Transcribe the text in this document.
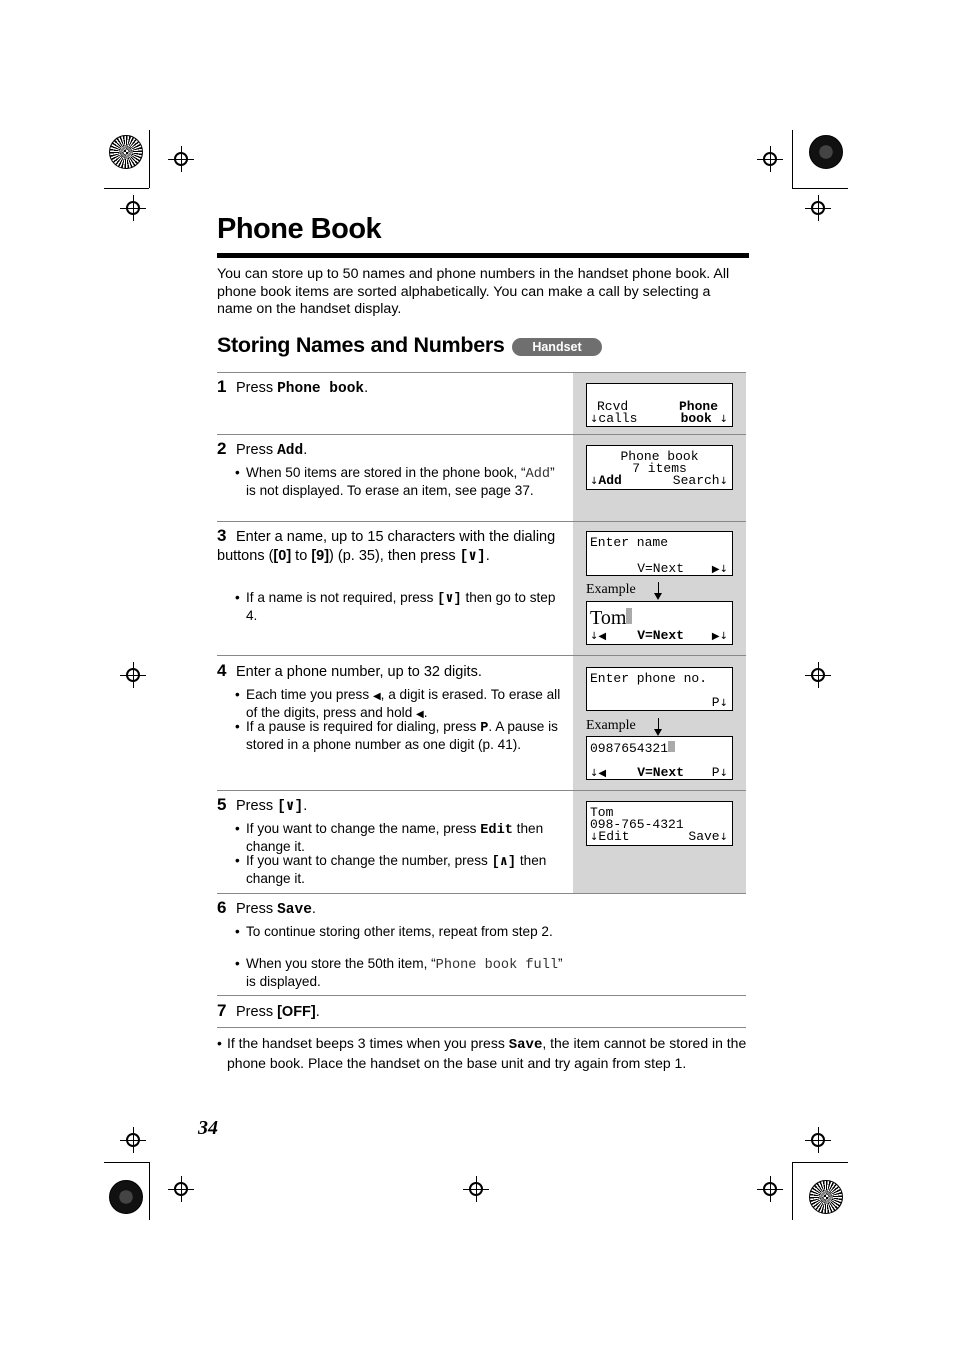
Phone Book
You can store up to 50 names and phone numbers in the handset phone book. All phone book items are sorted alphabetically. You can make a call by selecting a name on the handset display.
Storing Names and Numbers	Handset
1 Press Phone book.
Rcvd	Phone
↓calls	book ↓
2 Press Add.
• When 50 items are stored in the phone book, “Add” is not displayed. To erase an item, see page 37.
Phone book
7 items
↓Add	Search↓
3 Enter a name, up to 15 characters with the dialing buttons ([0] to [9]) (p. 35), then press [∨].
• If a name is not required, press [∨] then go to step 4.
Enter name
V=Next	▶↓
Example
Tom
↓◀	V=Next	▶↓
4 Enter a phone number, up to 32 digits.
• Each time you press ◀, a digit is erased. To erase all of the digits, press and hold ◀.
• If a pause is required for dialing, press P. A pause is stored in a phone number as one digit (p. 41).
Enter phone no.
P↓
Example
0987654321
↓◀	V=Next P↓
5 Press [∨].
• If you want to change the name, press Edit then change it.
• If you want to change the number, press [∧] then change it.
Tom
098-765-4321
↓Edit	Save↓
6 Press Save.
• To continue storing other items, repeat from step 2.
• When you store the 50th item, “Phone book full” is displayed.
7 Press [OFF].
• If the handset beeps 3 times when you press Save, the item cannot be stored in the phone book. Place the handset on the base unit and try again from step 1.
34
